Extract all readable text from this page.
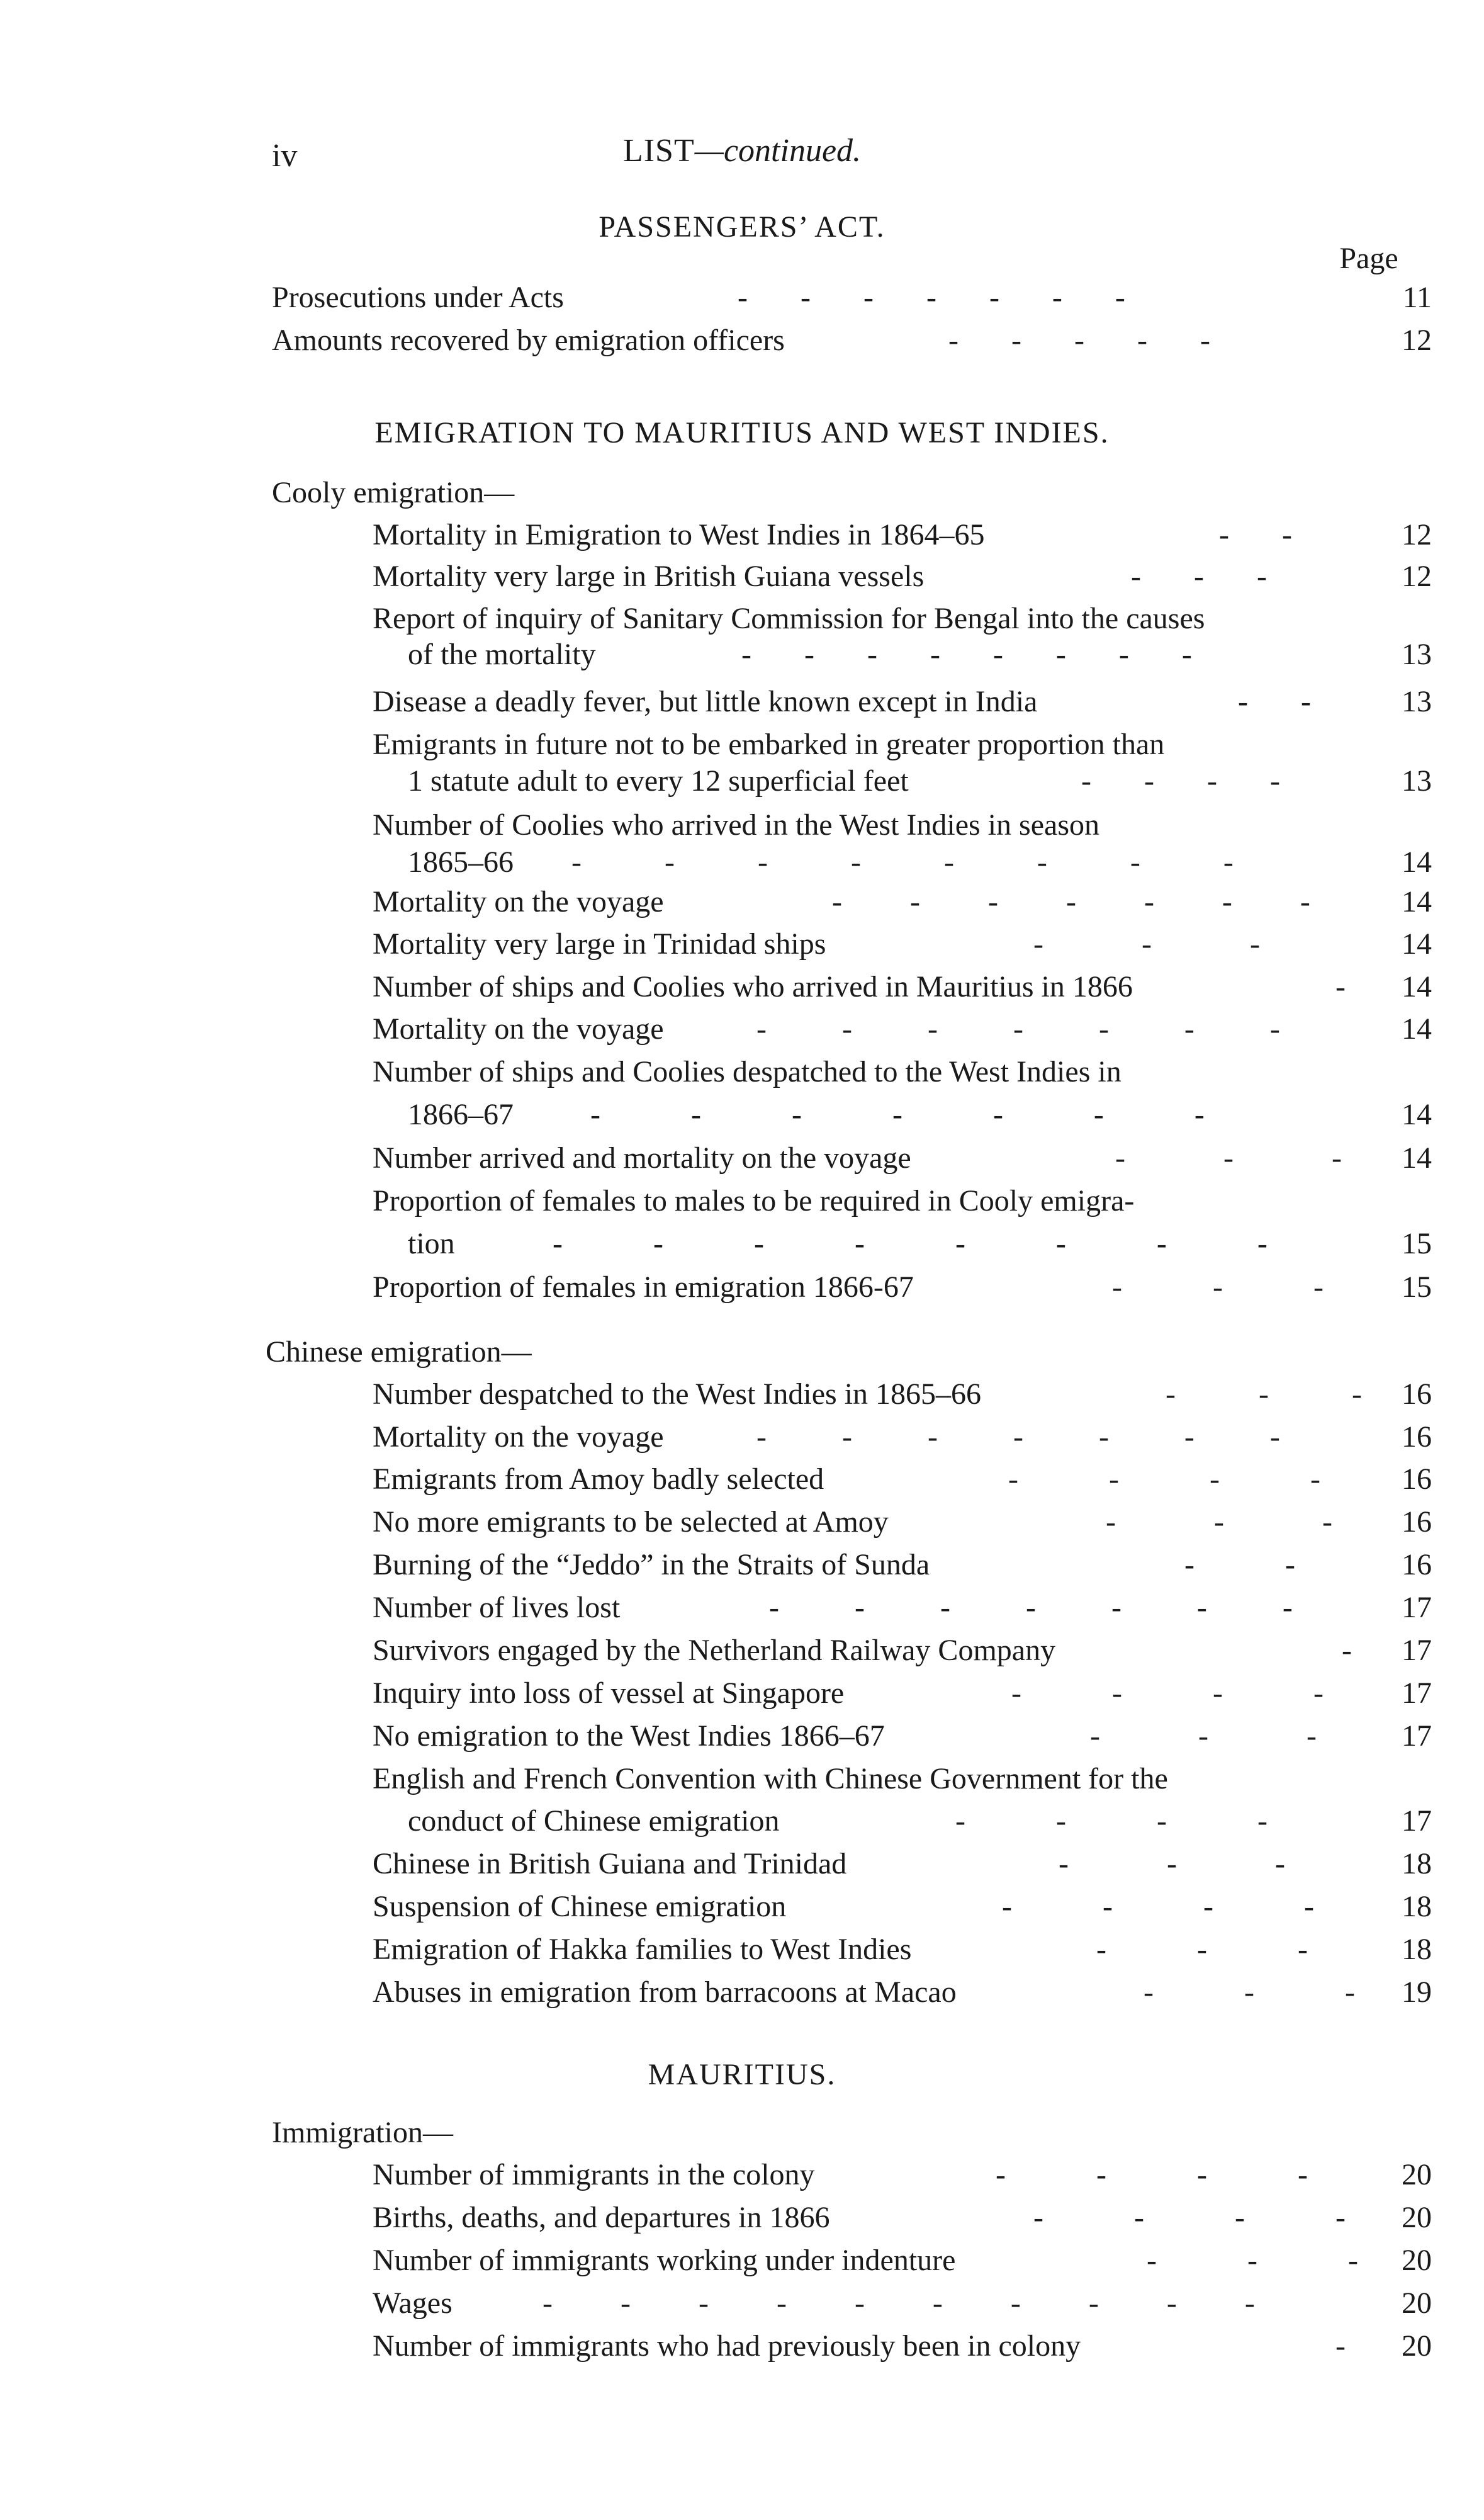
iv	LIST—continued.
PASSENGERS’ ACT.
Page
Prosecutions under Acts	-       -       -       -       -       -       -	11
Amounts recovered by emigration officers	-       -       -       -       -	12
EMIGRATION TO MAURITIUS AND WEST INDIES.
Cooly emigration—
Mortality in Emigration to West Indies in 1864–65	-       -	12
Mortality very large in British Guiana vessels	-       -       -	12
Report of inquiry of Sanitary Commission for Bengal into the causes
of the mortality	-       -       -       -       -       -       -       -	13
Disease a deadly fever, but little known except in India	-       -	13
Emigrants in future not to be embarked in greater proportion than
1 statute adult to every 12 superficial feet	-       -       -       -	13
Number of Coolies who arrived in the West Indies in season
1865–66 -           -           -           -           -           -           -           -	14
Mortality on the voyage	-         -         -         -         -         -         -	14
Mortality very large in Trinidad ships	-             -             -	14
Number of ships and Coolies who arrived in Mauritius in 1866	-	14
Mortality on the voyage	-          -          -          -          -          -          -	14
Number of ships and Coolies despatched to the West Indies in
1866–67	-            -            -            -            -            -            -	14
Number arrived and mortality on the voyage	-             -             -	14
Proportion of females to males to be required in Cooly emigra-
tion	-            -            -            -            -            -            -            -	15
Proportion of females in emigration 1866-67	-            -            -	15
Chinese emigration—
Number despatched to the West Indies in 1865–66	-           -           -	16
Mortality on the voyage	-          -          -          -          -          -          -	16
Emigrants from Amoy badly selected	-            -            -            -	16
No more emigrants to be selected at Amoy	-             -             -	16
Burning of the “Jeddo” in the Straits of Sunda	-            -	16
Number of lives lost	-          -          -          -          -          -          -	17
Survivors engaged by the Netherland Railway Company	-	17
Inquiry into loss of vessel at Singapore	-            -            -            -	17
No emigration to the West Indies 1866–67	-             -             -	17
English and French Convention with Chinese Government for the
conduct of Chinese emigration	-            -            -            -	17
Chinese in British Guiana and Trinidad	-             -             -	18
Suspension of Chinese emigration	-            -            -            -	18
Emigration of Hakka families to West Indies	-            -            -	18
Abuses in emigration from barracoons at Macao	-            -            -	19
MAURITIUS.
Immigration—
Number of immigrants in the colony	-            -            -            -	20
Births, deaths, and departures in 1866	-            -            -            -	20
Number of immigrants working under indenture	-            -            -	20
Wages	-         -         -         -         -         -         -         -         -         -	20
Number of immigrants who had previously been in colony	-	20
